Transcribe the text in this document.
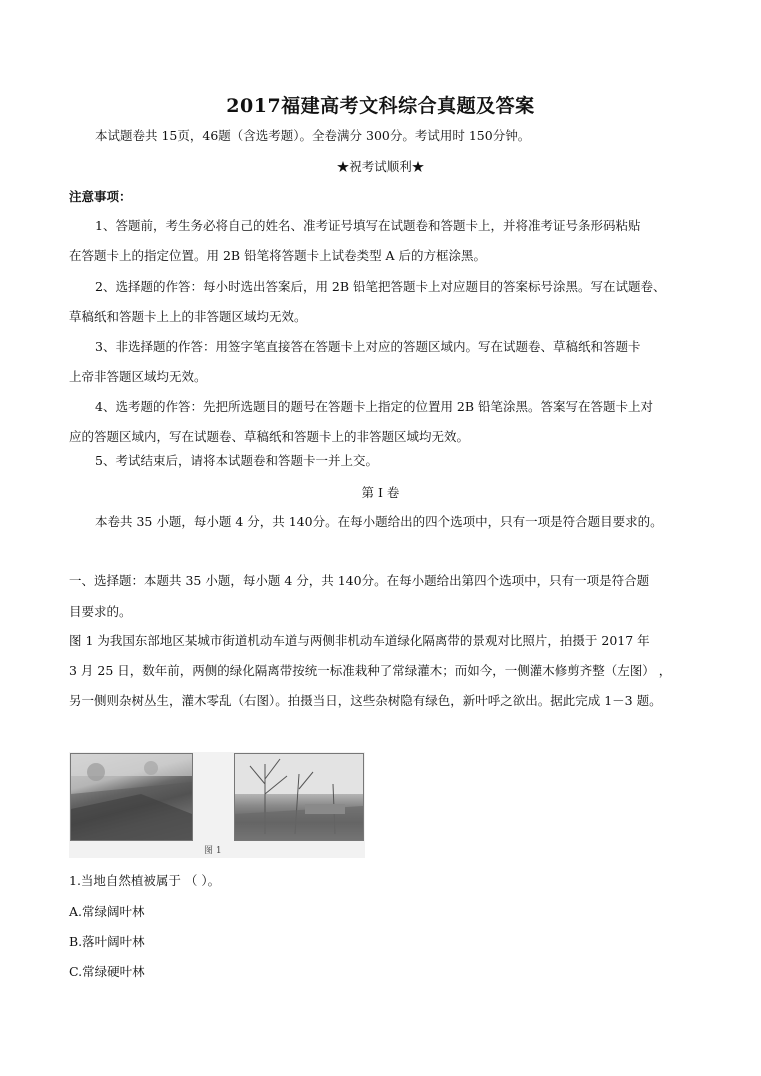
2017福建高考文科综合真题及答案
本试题卷共 15页，46题（含选考题）。全卷满分 300分。考试用时 150分钟。
★祝考试顺利★
注意事项：
1、答题前，考生务必将自己的姓名、准考证号填写在试题卷和答题卡上，并将准考证号条形码粘贴
在答题卡上的指定位置。用 2B 铅笔将答题卡上试卷类型 A 后的方框涂黑。
2、选择题的作答：每小时选出答案后，用 2B 铅笔把答题卡上对应题目的答案标号涂黑。写在试题卷、
草稿纸和答题卡上上的非答题区域均无效。
3、非选择题的作答：用签字笔直接答在答题卡上对应的答题区域内。写在试题卷、草稿纸和答题卡
上帝非答题区域均无效。
4、选考题的作答：先把所选题目的题号在答题卡上指定的位置用 2B 铅笔涂黑。答案写在答题卡上对
应的答题区域内，写在试题卷、草稿纸和答题卡上的非答题区域均无效。
5、考试结束后，请将本试题卷和答题卡一并上交。
第 I 卷
本卷共 35 小题，每小题 4 分，共 140分。在每小题给出的四个选项中，只有一项是符合题目要求的。
一、选择题：本题共 35 小题，每小题 4 分，共 140分。在每小题给出第四个选项中，只有一项是符合题
目要求的。
图 1 为我国东部地区某城市街道机动车道与两侧非机动车道绿化隔离带的景观对比照片，拍摄于 2017 年
3 月 25 日，数年前，两侧的绿化隔离带按统一标准栽种了常绿灌木；而如今，一侧灌木修剪齐整（左图） ，
另一侧则杂树丛生，灌木零乱（右图）。拍摄当日，这些杂树隐有绿色，新叶呼之欲出。据此完成 1－3 题。
图 1
1.当地自然植被属于 （ ）。
A.常绿阔叶林
B.落叶阔叶林
C.常绿硬叶林
